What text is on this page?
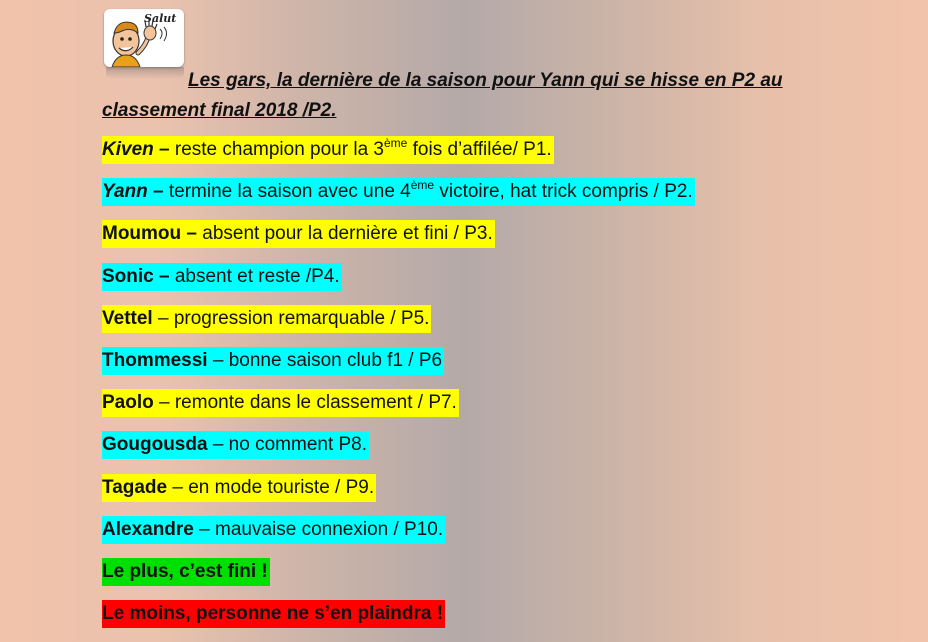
Salut
Les gars, la dernière de la saison pour Yann qui se hisse en P2 au classement final 2018 /P2.
Kiven – reste champion pour la 3ème fois d’affilée/ P1.
Yann – termine la saison avec une 4ème victoire, hat trick compris / P2.
Moumou – absent pour la dernière et fini / P3.
Sonic – absent et reste /P4.
Vettel – progression remarquable / P5.
Thommessi – bonne saison club f1 / P6
Paolo – remonte dans le classement / P7.
Gougousda – no comment P8.
Tagade – en mode touriste / P9.
Alexandre – mauvaise connexion / P10.
Le plus, c’est fini !
Le moins, personne ne s’en plaindra !
